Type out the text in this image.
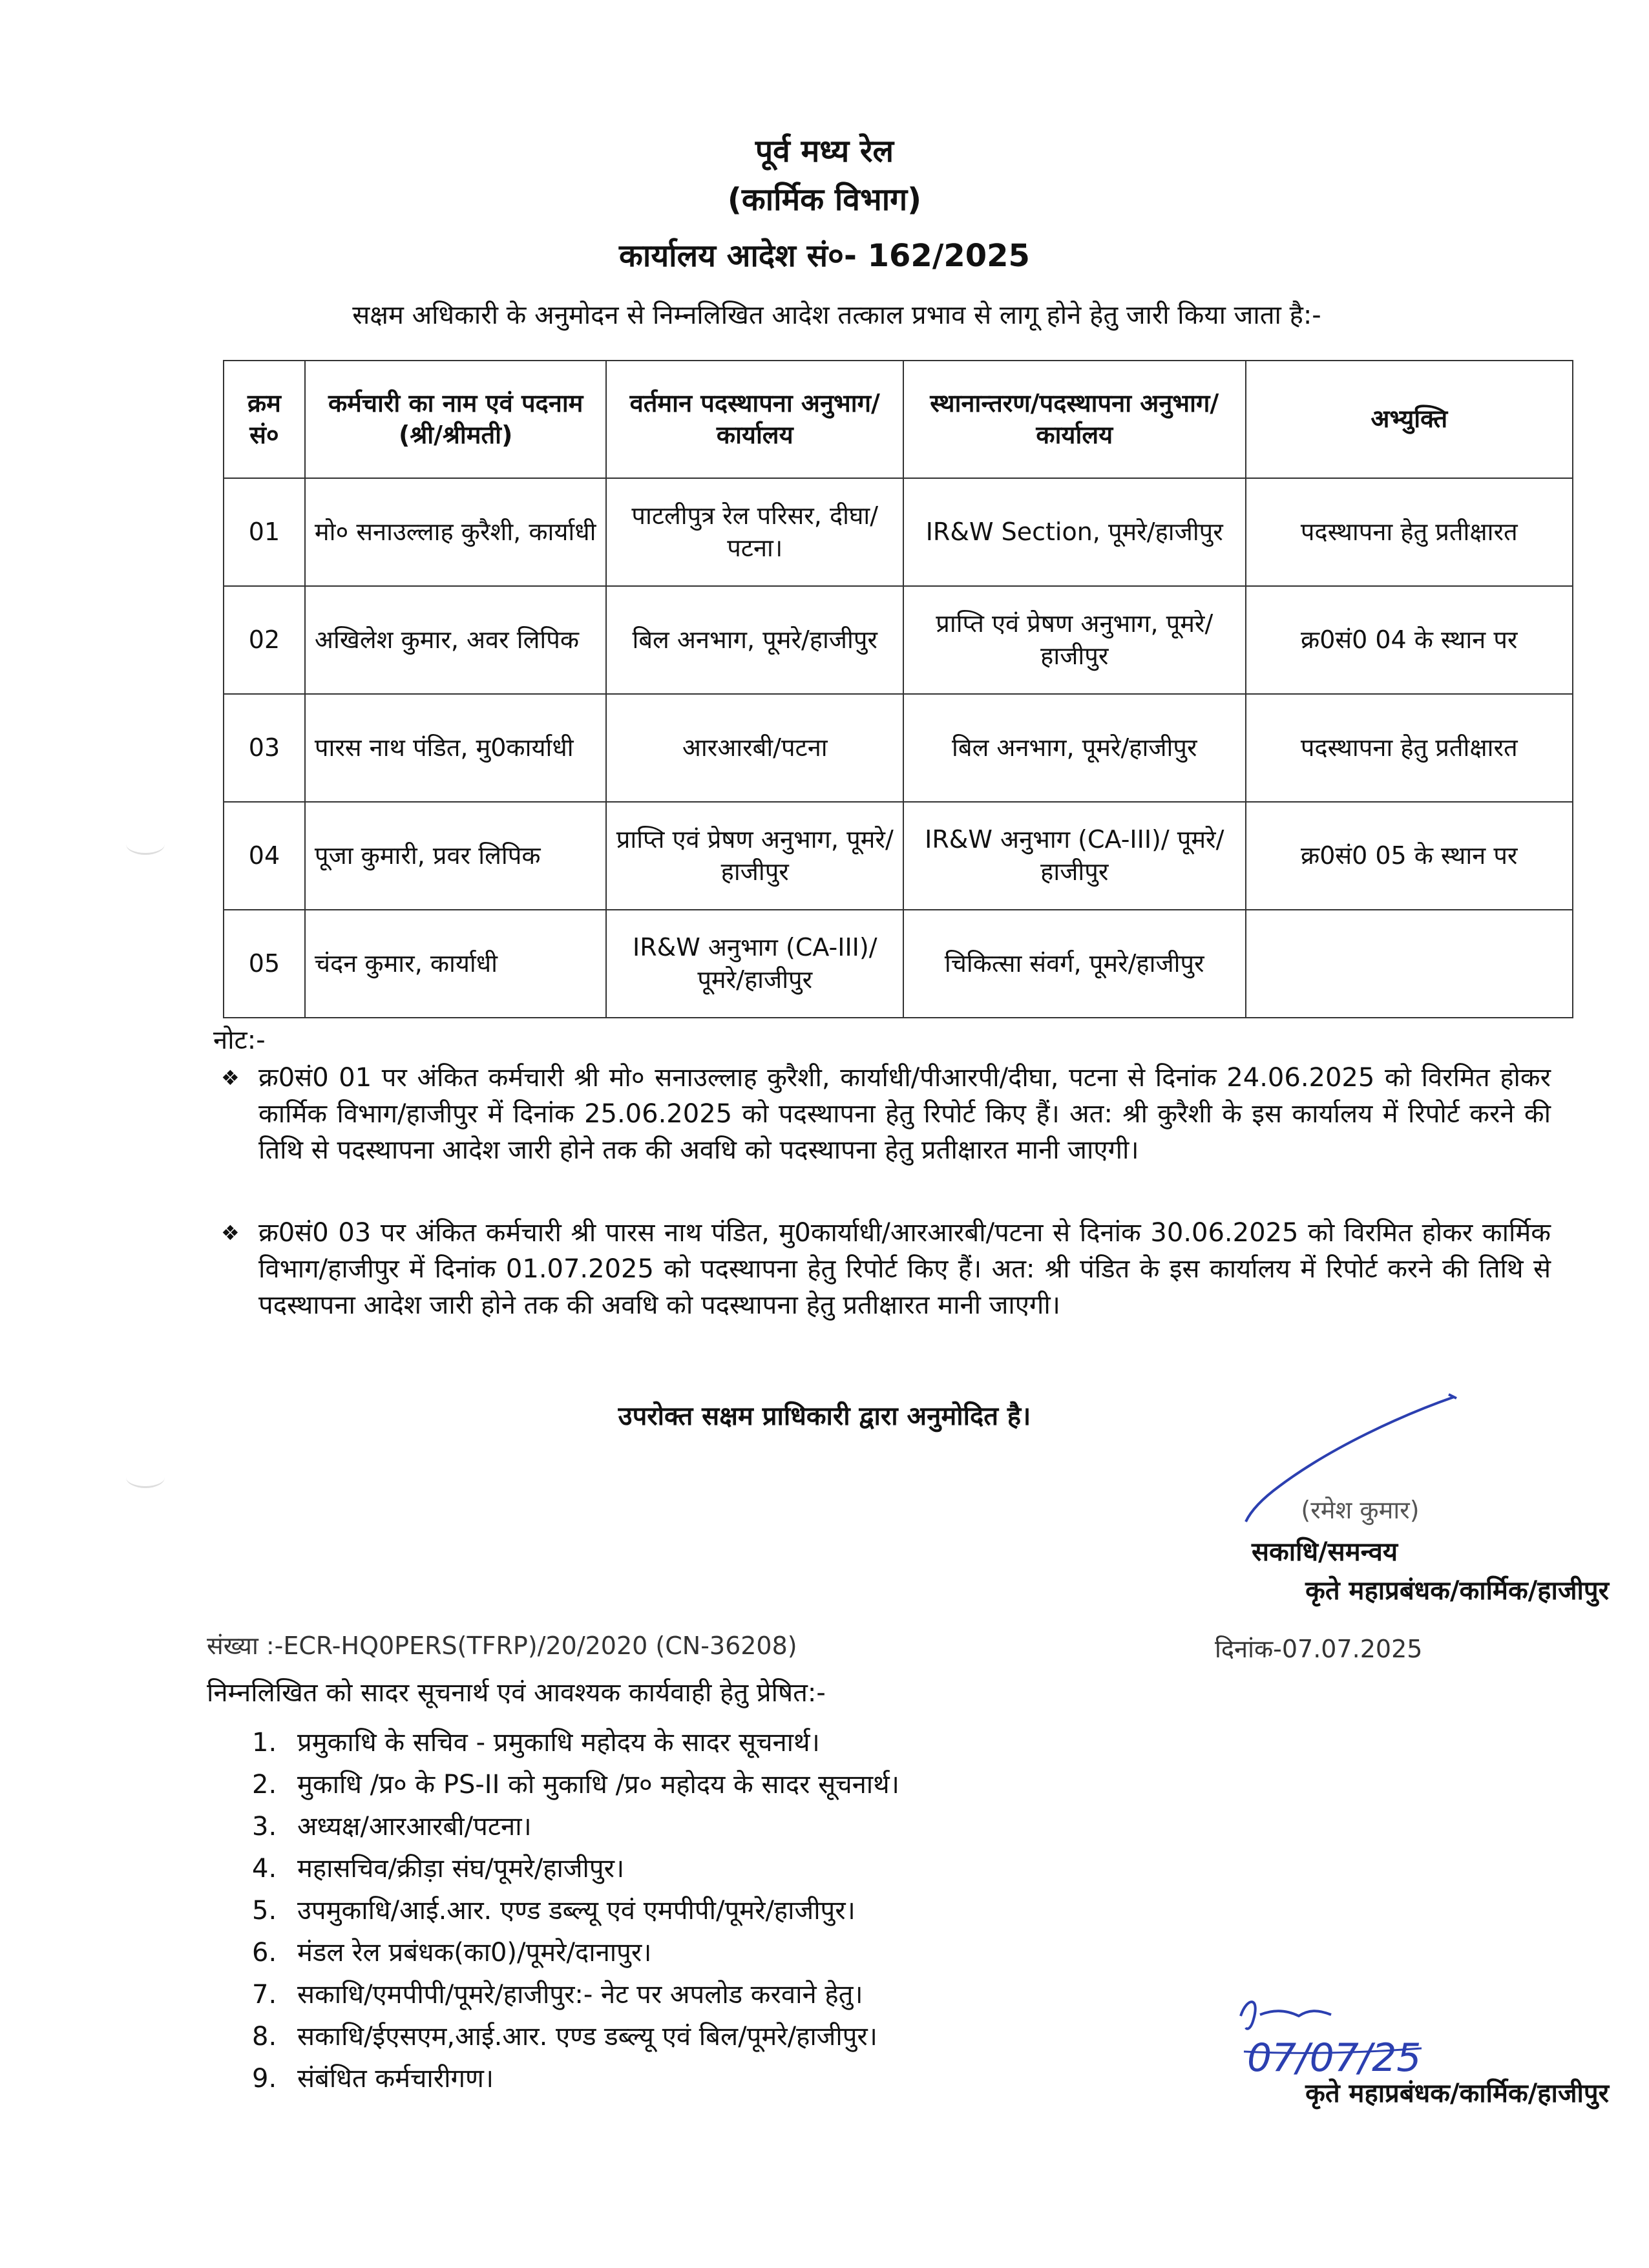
पूर्व मध्य रेल
(कार्मिक विभाग)
कार्यालय आदेश सं०- 162/2025
सक्षम अधिकारी के अनुमोदन से निम्नलिखित आदेश तत्काल प्रभाव से लागू होने हेतु जारी किया जाता है:-
क्रम सं०	कर्मचारी का नाम एवं पदनाम (श्री/श्रीमती)	वर्तमान पदस्थापना अनुभाग/कार्यालय	स्थानान्तरण/पदस्थापना अनुभाग/कार्यालय	अभ्युक्ति
01	मो० सनाउल्लाह कुरैशी, कार्याधी	पाटलीपुत्र रेल परिसर, दीघा/पटना।	IR&W Section, पूमरे/हाजीपुर	पदस्थापना हेतु प्रतीक्षारत
02	अखिलेश कुमार, अवर लिपिक	बिल अनभाग, पूमरे/हाजीपुर	प्राप्ति एवं प्रेषण अनुभाग, पूमरे/हाजीपुर	क्र0सं0 04 के स्थान पर
03	पारस नाथ पंडित, मु0कार्याधी	आरआरबी/पटना	बिल अनभाग, पूमरे/हाजीपुर	पदस्थापना हेतु प्रतीक्षारत
04	पूजा कुमारी, प्रवर लिपिक	प्राप्ति एवं प्रेषण अनुभाग, पूमरे/हाजीपुर	IR&W अनुभाग (CA-III)/ पूमरे/हाजीपुर	क्र0सं0 05 के स्थान पर
05	चंदन कुमार, कार्याधी	IR&W अनुभाग (CA-III)/ पूमरे/हाजीपुर	चिकित्सा संवर्ग, पूमरे/हाजीपुर	
नोट:-
❖ क्र0सं0 01 पर अंकित कर्मचारी श्री मो० सनाउल्लाह कुरैशी, कार्याधी/पीआरपी/दीघा, पटना से दिनांक 24.06.2025 को विरमित होकर कार्मिक विभाग/हाजीपुर में दिनांक 25.06.2025 को पदस्थापना हेतु रिपोर्ट किए हैं। अत: श्री कुरैशी के इस कार्यालय में रिपोर्ट करने की तिथि से पदस्थापना आदेश जारी होने तक की अवधि को पदस्थापना हेतु प्रतीक्षारत मानी जाएगी।
❖ क्र0सं0 03 पर अंकित कर्मचारी श्री पारस नाथ पंडित, मु0कार्याधी/आरआरबी/पटना से दिनांक 30.06.2025 को विरमित होकर कार्मिक विभाग/हाजीपुर में दिनांक 01.07.2025 को पदस्थापना हेतु रिपोर्ट किए हैं। अत: श्री पंडित के इस कार्यालय में रिपोर्ट करने की तिथि से पदस्थापना आदेश जारी होने तक की अवधि को पदस्थापना हेतु प्रतीक्षारत मानी जाएगी।
उपरोक्त सक्षम प्राधिकारी द्वारा अनुमोदित है।
(रमेश कुमार)
सकाधि/समन्वय
कृते महाप्रबंधक/कार्मिक/हाजीपुर
संख्या :-ECR-HQ0PERS(TFRP)/20/2020 (CN-36208)	दिनांक-07.07.2025
निम्नलिखित को सादर सूचनार्थ एवं आवश्यक कार्यवाही हेतु प्रेषित:-
1. प्रमुकाधि के सचिव - प्रमुकाधि महोदय के सादर सूचनार्थ।
2. मुकाधि /प्र० के PS-II को मुकाधि /प्र० महोदय के सादर सूचनार्थ।
3. अध्यक्ष/आरआरबी/पटना।
4. महासचिव/क्रीड़ा संघ/पूमरे/हाजीपुर।
5. उपमुकाधि/आई.आर. एण्ड डब्ल्यू एवं एमपीपी/पूमरे/हाजीपुर।
6. मंडल रेल प्रबंधक(का0)/पूमरे/दानापुर।
7. सकाधि/एमपीपी/पूमरे/हाजीपुर:- नेट पर अपलोड करवाने हेतु।
8. सकाधि/ईएसएम,आई.आर. एण्ड डब्ल्यू एवं बिल/पूमरे/हाजीपुर।
9. संबंधित कर्मचारीगण।	07/07/25
कृते महाप्रबंधक/कार्मिक/हाजीपुर
